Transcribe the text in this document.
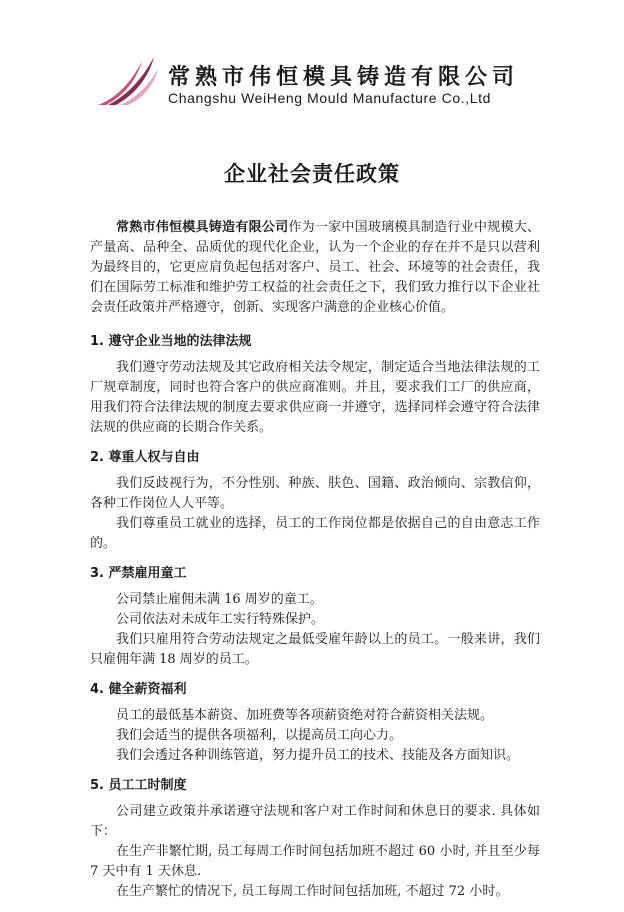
常熟市伟恒模具铸造有限公司
Changshu WeiHeng Mould Manufacture Co.,Ltd
企业社会责任政策

常熟市伟恒模具铸造有限公司作为一家中国玻璃模具制造行业中规模大、产量高、品种全、品质优的现代化企业，认为一个企业的存在并不是只以营利为最终目的，它更应肩负起包括对客户、员工、社会、环境等的社会责任，我们在国际劳工标准和维护劳工权益的社会责任之下，我们致力推行以下企业社会责任政策并严格遵守，创新、实现客户满意的企业核心价值。

1. 遵守企业当地的法律法规

我们遵守劳动法规及其它政府相关法令规定，制定适合当地法律法规的工厂规章制度，同时也符合客户的供应商准则。并且，要求我们工厂的供应商，用我们符合法律法规的制度去要求供应商一并遵守，选择同样会遵守符合法律法规的供应商的长期合作关系。

2. 尊重人权与自由

我们反歧视行为，不分性别、种族、肤色、国籍、政治倾向、宗教信仰，各种工作岗位人人平等。

我们尊重员工就业的选择，员工的工作岗位都是依据自己的自由意志工作的。

3. 严禁雇用童工

公司禁止雇佣未满 16 周岁的童工。

公司依法对未成年工实行特殊保护。

我们只雇用符合劳动法规定之最低受雇年龄以上的员工。一般来讲，我们只雇佣年满 18 周岁的员工。

4. 健全薪资福利

员工的最低基本薪资、加班费等各项薪资绝对符合薪资相关法规。

我们会适当的提供各项福利，以提高员工向心力。

我们会透过各种训练管道，努力提升员工的技术、技能及各方面知识。

5. 员工工时制度

公司建立政策并承诺遵守法规和客户对工作时间和休息日的要求. 具体如下：

在生产非繁忙期, 员工每周工作时间包括加班不超过 60 小时, 并且至少每 7 天中有 1 天休息.

在生产繁忙的情况下, 员工每周工作时间包括加班, 不超过 72 小时。
